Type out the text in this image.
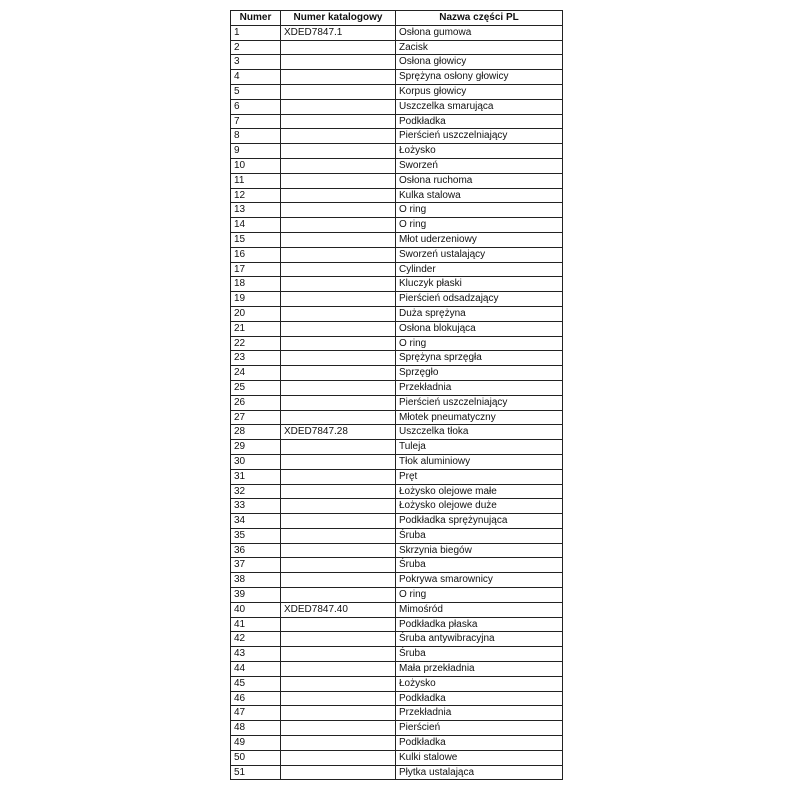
Numer	Numer katalogowy	Nazwa części PL
1	XDED7847.1	Osłona gumowa
2		Zacisk
3		Osłona głowicy
4		Sprężyna osłony głowicy
5		Korpus głowicy
6		Uszczelka smarująca
7		Podkładka
8		Pierścień uszczelniający
9		Łożysko
10		Sworzeń
11		Osłona ruchoma
12		Kulka stalowa
13		O ring
14		O ring
15		Młot uderzeniowy
16		Sworzeń ustalający
17		Cylinder
18		Kluczyk płaski
19		Pierścień odsadzający
20		Duża sprężyna
21		Osłona blokująca
22		O ring
23		Sprężyna sprzęgła
24		Sprzęgło
25		Przekładnia
26		Pierścień uszczelniający
27		Młotek pneumatyczny
28	XDED7847.28	Uszczelka tłoka
29		Tuleja
30		Tłok aluminiowy
31		Pręt
32		Łożysko olejowe małe
33		Łożysko olejowe duże
34		Podkładka sprężynująca
35		Śruba
36		Skrzynia biegów
37		Śruba
38		Pokrywa smarownicy
39		O ring
40	XDED7847.40	Mimośród
41		Podkładka płaska
42		Śruba antywibracyjna
43		Śruba
44		Mała przekładnia
45		Łożysko
46		Podkładka
47		Przekładnia
48		Pierścień
49		Podkładka
50		Kulki stalowe
51		Płytka ustalająca
